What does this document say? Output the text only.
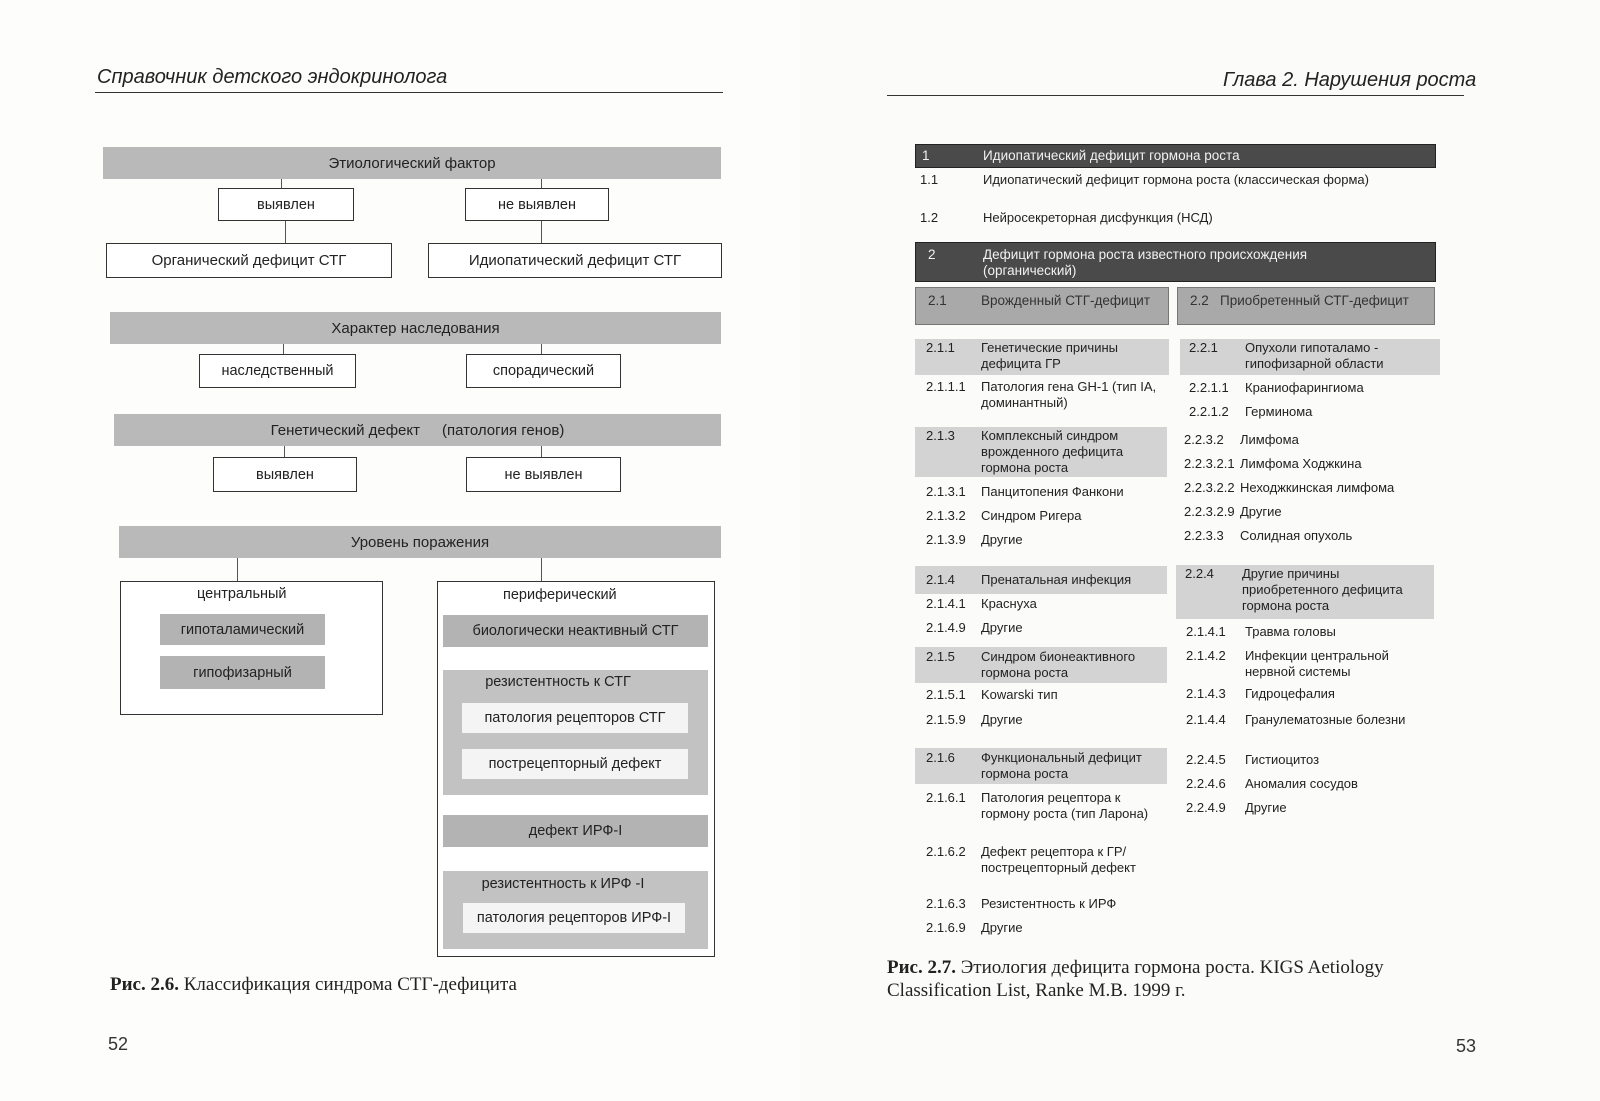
Справочник детского эндокринолога
Этиологический фактор
выявлен	не выявлен
Органический дефицит СТГ	Идиопатический дефицит СТГ
Характер наследования
наследственный	спорадический
Генетический дефект (патология генов)
выявлен	не выявлен
Уровень поражения
центральный
гипоталамический
гипофизарный
периферический
биологически неактивный СТГ
резистентность к СТГ
патология рецепторов СТГ
пострецепторный дефект
дефект ИРФ-I
резистентность к ИРФ -I
патология рецепторов ИРФ-I
Рис. 2.6. Классификация синдрома СТГ-дефицита
52
Глава 2. Нарушения роста
1	Идиопатический дефицит гормона роста
1.1	Идиопатический дефицит гормона роста (классическая форма)
1.2	Нейросекреторная дисфункция (НСД)
2	Дефицит гормона роста известного происхождения (органический)
2.1	Врожденный СТГ-дефицит	2.2 Приобретенный СТГ-дефицит
2.1.1	Генетические причины дефицита ГР
2.1.1.1	Патология гена GH-1 (тип IA, доминантный)
2.1.3	Комплексный синдром врожденного дефицита гормона роста
2.1.3.1	Панцитопения Фанкони
2.1.3.2	Синдром Ригера
2.1.3.9	Другие
2.1.4	Пренатальная инфекция
2.1.4.1	Краснуха
2.1.4.9	Другие
2.1.5	Синдром бионеактивного гормона роста
2.1.5.1	Kowarski тип
2.1.5.9	Другие
2.1.6	Функциональный дефицит гормона роста
2.1.6.1	Патология рецептора к гормону роста (тип Ларона)
2.1.6.2	Дефект рецептора к ГР/пострецепторный дефект
2.1.6.3	Резистентность к ИРФ
2.1.6.9	Другие
2.2.1	Опухоли гипоталамо - гипофизарной области
2.2.1.1	Краниофарингиома
2.2.1.2	Герминома
2.2.3.2	Лимфома
2.2.3.2.1 Лимфома Ходжкина
2.2.3.2.2 Неходжкинская лимфома
2.2.3.2.9 Другие
2.2.3.3	Солидная опухоль
2.2.4	Другие причины приобретенного дефицита гормона роста
2.1.4.1	Травма головы
2.1.4.2	Инфекции центральной нервной системы
2.1.4.3	Гидроцефалия
2.1.4.4	Гранулематозные болезни
2.2.4.5	Гистиоцитоз
2.2.4.6	Аномалия сосудов
2.2.4.9	Другие
Рис. 2.7. Этиология дефицита гормона роста. KIGS Aetiology Classification List, Ranke M.B. 1999 г.
53
